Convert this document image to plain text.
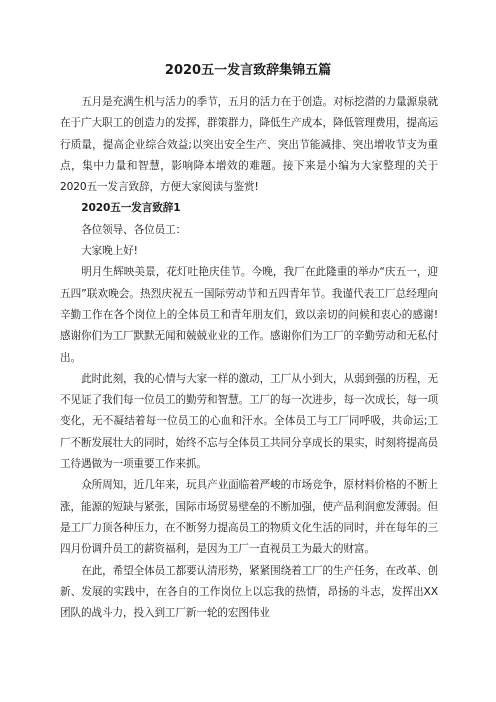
2020五一发言致辞集锦五篇

五月是充满生机与活力的季节，五月的活力在于创造。对标挖潜的力量源泉就在于广大职工的创造力的发挥，群策群力，降低生产成本，降低管理费用，提高运行质量，提高企业综合效益;以突出安全生产、突出节能减排、突出增收节支为重点，集中力量和智慧，影响降本增效的难题。接下来是小编为大家整理的关于2020五一发言致辞，方便大家阅读与鉴赏!

2020五一发言致辞1

各位领导、各位员工：

大家晚上好!

明月生辉映美景，花灯吐艳庆佳节。今晚，我厂在此隆重的举办“庆五一，迎五四”联欢晚会。热烈庆祝五一国际劳动节和五四青年节。我谨代表工厂总经理向辛勤工作在各个岗位上的全体员工和青年朋友们，致以亲切的问候和衷心的感谢!感谢你们为工厂默默无闻和兢兢业业的工作。感谢你们为工厂的辛勤劳动和无私付出。

此时此刻，我的心情与大家一样的激动，工厂从小到大，从弱到强的历程，无不见证了我们每一位员工的勤劳和智慧。工厂的每一次进步，每一次成长，每一项变化，无不凝结着每一位员工的心血和汗水。全体员工与工厂同呼吸，共命运;工厂不断发展壮大的同时，始终不忘与全体员工共同分享成长的果实，时刻将提高员工待遇做为一项重要工作来抓。

众所周知，近几年来，玩具产业面临着严峻的市场竞争，原材料价格的不断上涨，能源的短缺与紧张，国际市场贸易壁垒的不断加强，使产品利润愈发薄弱。但是工厂力顶各种压力，在不断努力提高员工的物质文化生活的同时，并在每年的三四月份调升员工的薪资福利，是因为工厂一直视员工为最大的财富。

在此，希望全体员工都要认清形势，紧紧围绕着工厂的生产任务，在改革、创新、发展的实践中，在各自的工作岗位上以忘我的热情，昂扬的斗志，发挥出XX团队的战斗力，投入到工厂新一轮的宏图伟业
